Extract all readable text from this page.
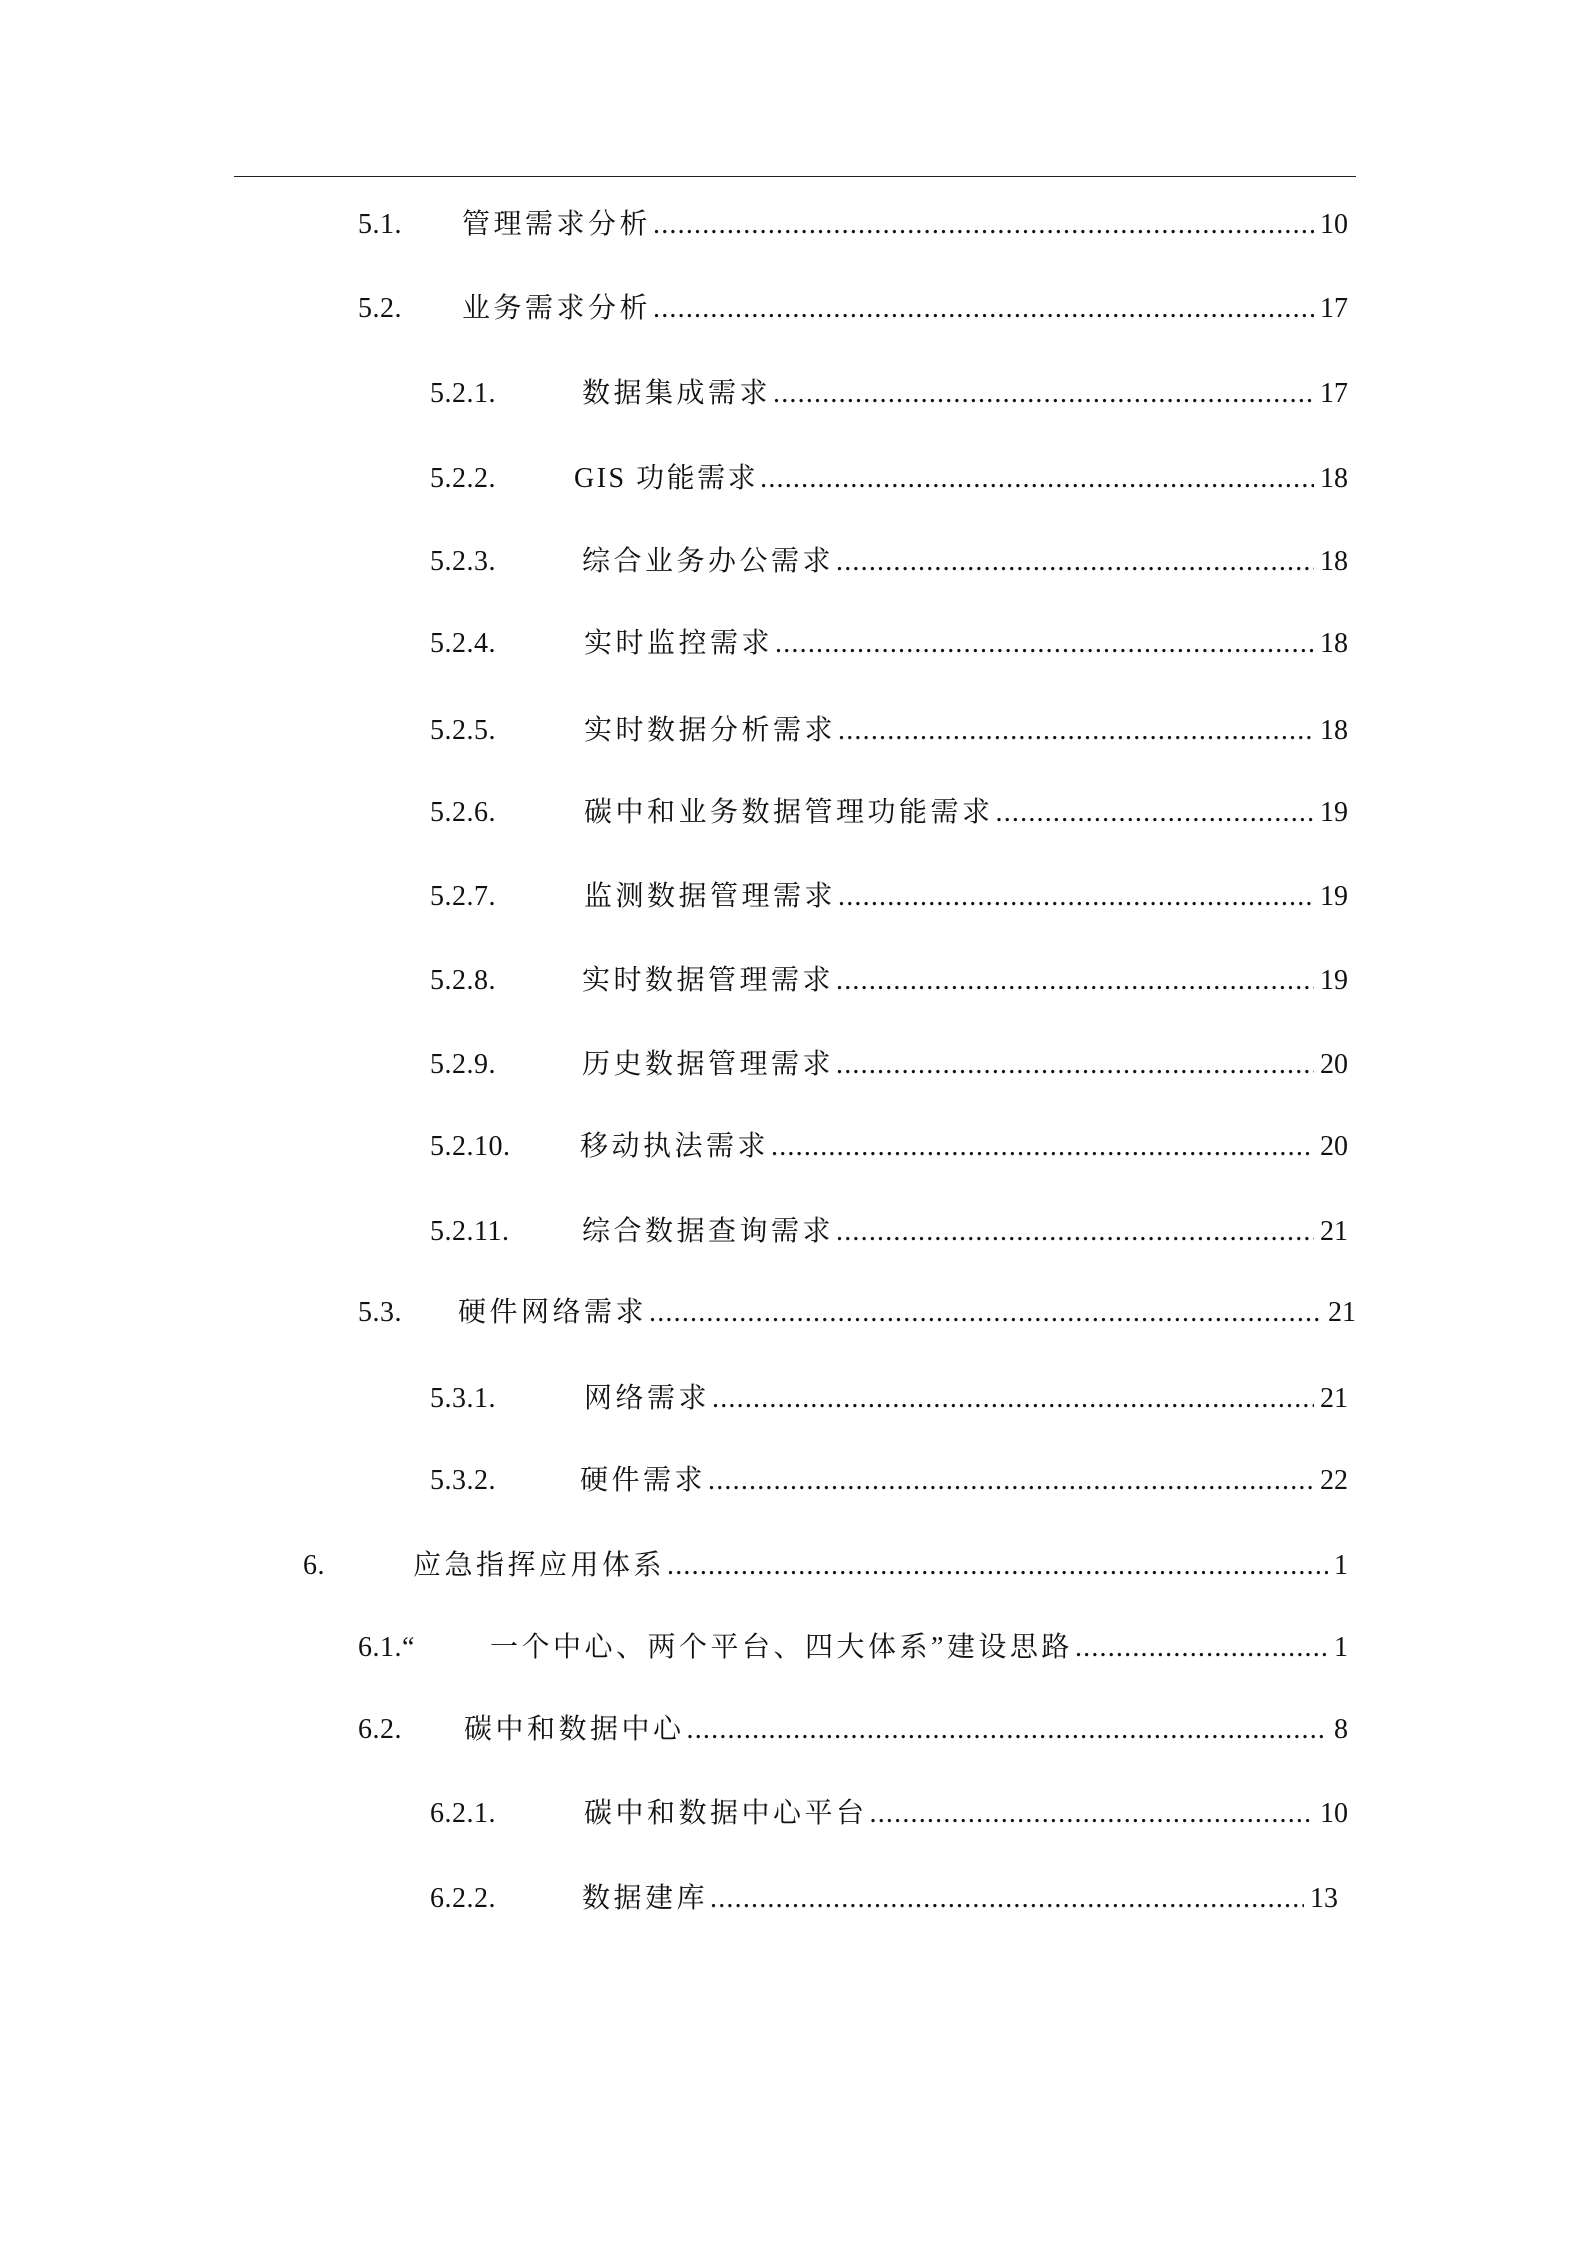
5.1.	管理需求分析 .....	10
5.2.	业务需求分析 .....	17
5.2.1.	数据集成需求 .....	17
5.2.2.	GIS 功能需求 .....	18
5.2.3.	综合业务办公需求 .....	18
5.2.4.	实时监控需求 .....	18
5.2.5.	实时数据分析需求 .....	18
5.2.6.	碳中和业务数据管理功能需求 .....	19
5.2.7.	监测数据管理需求 .....	19
5.2.8.	实时数据管理需求 .....	19
5.2.9.	历史数据管理需求 .....	20
5.2.10.	移动执法需求 .....	20
5.2.11.	综合数据查询需求 .....	21
5.3.	硬件网络需求 .....	21
5.3.1.	网络需求 .....	21
5.3.2.	硬件需求 .....	22
6.	应急指挥应用体系 .....	1
6.1.“	一个中心、两个平台、四大体系”建设思路 .....	1
6.2.	碳中和数据中心 .....	8
6.2.1.	碳中和数据中心平台 .....	10
6.2.2.	数据建库 .....	13
